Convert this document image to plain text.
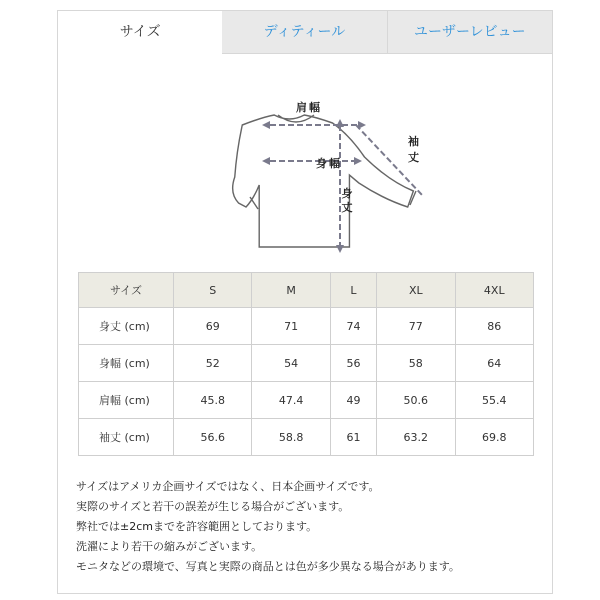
サイズ	ディティール	ユーザーレビュー
肩幅
袖丈
身幅
身
丈
サイズ	S	M	L	XL	4XL
身丈 (cm)	69	71	74	77	86
身幅 (cm)	52	54	56	58	64
肩幅 (cm)	45.8	47.4	49	50.6	55.4
袖丈 (cm)	56.6	58.8	61	63.2	69.8
サイズはアメリカ企画サイズではなく、日本企画サイズです。
実際のサイズと若干の誤差が生じる場合がございます。
弊社では±2cmまでを許容範囲としております。
洗濯により若干の縮みがございます。
モニタなどの環境で、写真と実際の商品とは色が多少異なる場合があります。
